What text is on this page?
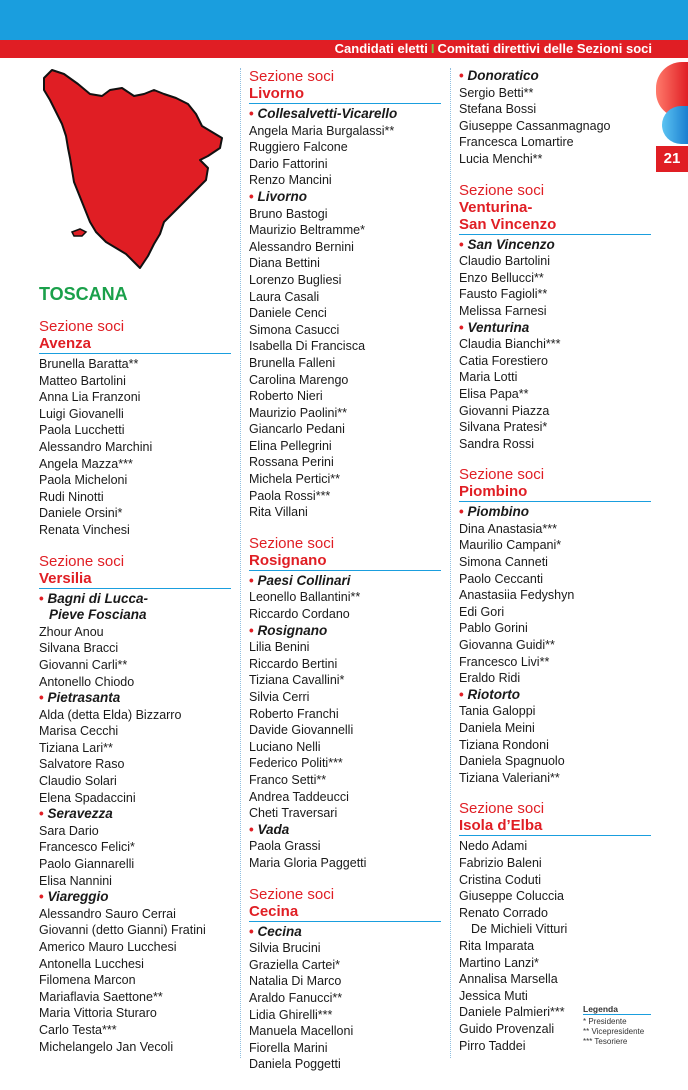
Candidati eletti I Comitati direttivi delle Sezioni soci
21
TOSCANA
Sezione soci
Avenza
Brunella Baratta**
Matteo Bartolini
Anna Lia Franzoni
Luigi Giovanelli
Paola Lucchetti
Alessandro Marchini
Angela Mazza***
Paola Micheloni
Rudi Ninotti
Daniele Orsini*
Renata Vinchesi
Sezione soci
Versilia
• Bagni di Lucca-
Pieve Fosciana
Zhour Anou
Silvana Bracci
Giovanni Carli**
Antonello Chiodo
• Pietrasanta
Alda (detta Elda) Bizzarro
Marisa Cecchi
Tiziana Lari**
Salvatore Raso
Claudio Solari
Elena Spadaccini
• Seravezza
Sara Dario
Francesco Felici*
Paolo Giannarelli
Elisa Nannini
• Viareggio
Alessandro Sauro Cerrai
Giovanni (detto Gianni) Fratini
Americo Mauro Lucchesi
Antonella Lucchesi
Filomena Marcon
Mariaflavia Saettone**
Maria Vittoria Sturaro
Carlo Testa***
Michelangelo Jan Vecoli
Sezione soci
Livorno
• Collesalvetti-Vicarello
Angela Maria Burgalassi**
Ruggiero Falcone
Dario Fattorini
Renzo Mancini
• Livorno
Bruno Bastogi
Maurizio Beltramme*
Alessandro Bernini
Diana Bettini
Lorenzo Bugliesi
Laura Casali
Daniele Cenci
Simona Casucci
Isabella Di Francisca
Brunella Falleni
Carolina Marengo
Roberto Nieri
Maurizio Paolini**
Giancarlo Pedani
Elina Pellegrini
Rossana Perini
Michela Pertici**
Paola Rossi***
Rita Villani
Sezione soci
Rosignano
• Paesi Collinari
Leonello Ballantini**
Riccardo Cordano
• Rosignano
Lilia Benini
Riccardo Bertini
Tiziana Cavallini*
Silvia Cerri
Roberto Franchi
Davide Giovannelli
Luciano Nelli
Federico Politi***
Franco Setti**
Andrea Taddeucci
Cheti Traversari
• Vada
Paola Grassi
Maria Gloria Paggetti
Sezione soci
Cecina
• Cecina
Silvia Brucini
Graziella Cartei*
Natalia Di Marco
Araldo Fanucci**
Lidia Ghirelli***
Manuela Macelloni
Fiorella Marini
Daniela Poggetti
• Donoratico
Sergio Betti**
Stefana Bossi
Giuseppe Cassanmagnago
Francesca Lomartire
Lucia Menchi**
Sezione soci
Venturina-
San Vincenzo
• San Vincenzo
Claudio Bartolini
Enzo Bellucci**
Fausto Fagioli**
Melissa Farnesi
• Venturina
Claudia Bianchi***
Catia Forestiero
Maria Lotti
Elisa Papa**
Giovanni Piazza
Silvana Pratesi*
Sandra Rossi
Sezione soci
Piombino
• Piombino
Dina Anastasia***
Maurilio Campani*
Simona Canneti
Paolo Ceccanti
Anastasiia Fedyshyn
Edi Gori
Pablo Gorini
Giovanna Guidi**
Francesco Livi**
Eraldo Ridi
• Riotorto
Tania Galoppi
Daniela Meini
Tiziana Rondoni
Daniela Spagnuolo
Tiziana Valeriani**
Sezione soci
Isola d’Elba
Nedo Adami
Fabrizio Baleni
Cristina Coduti
Giuseppe Coluccia
Renato Corrado
De Michieli Vitturi
Rita Imparata
Martino Lanzi*
Annalisa Marsella
Jessica Muti
Daniele Palmieri***
Guido Provenzali
Pirro Taddei
Legenda
* Presidente
** Vicepresidente
*** Tesoriere
